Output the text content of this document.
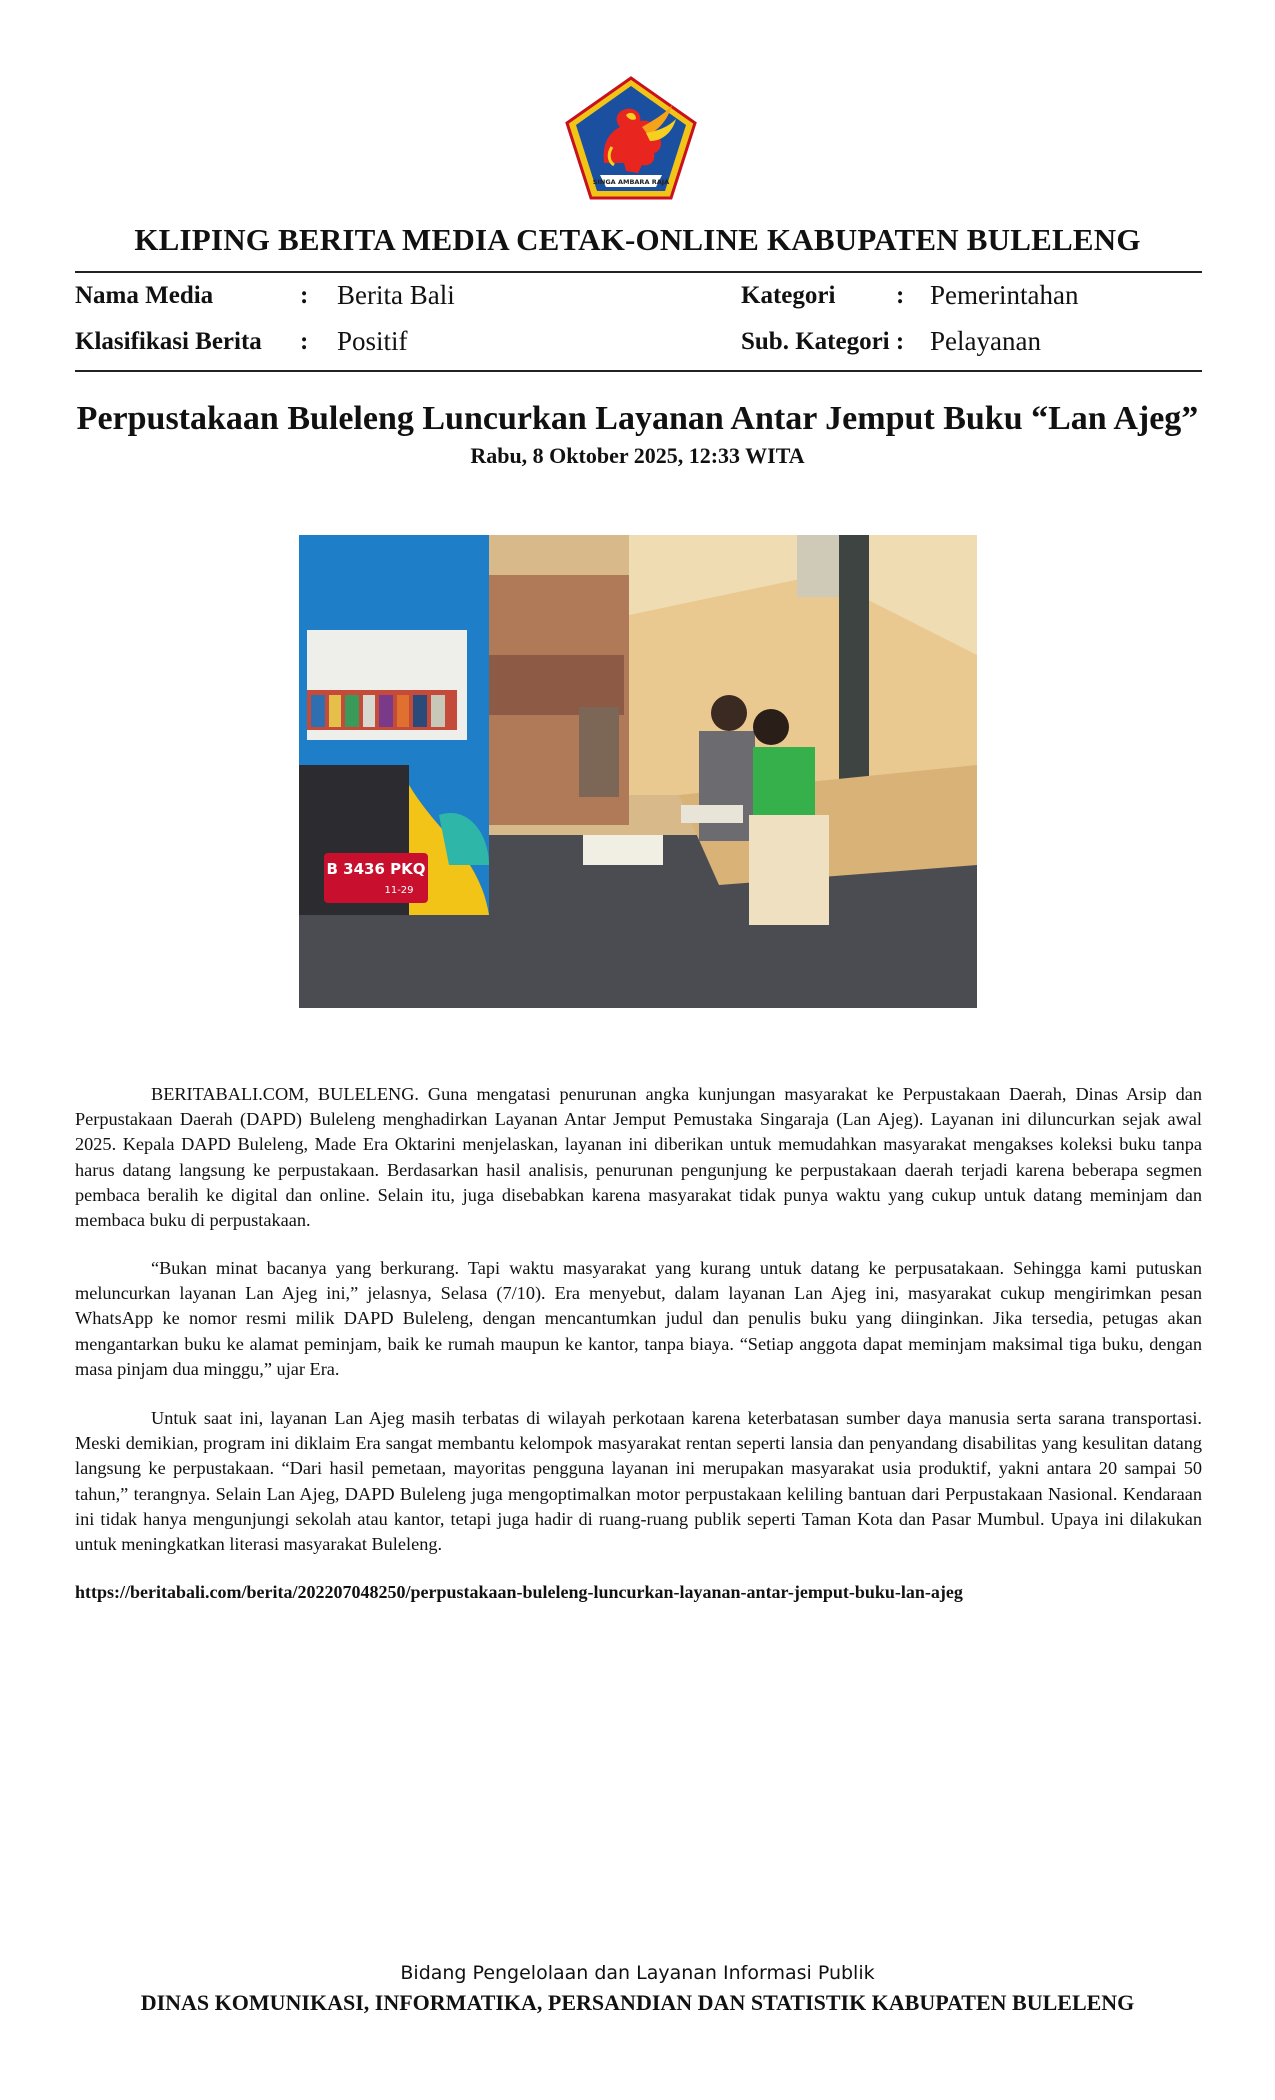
SINGA AMBARA RAJA
KLIPING BERITA MEDIA CETAK-ONLINE KABUPATEN BULELENG
Nama Media	: Berita Bali
Klasifikasi Berita : Positif
Kategori : Pemerintahan
Sub. Kategori : Pelayanan
Perpustakaan Buleleng Luncurkan Layanan Antar Jemput Buku “Lan Ajeg”
Rabu, 8 Oktober 2025, 12:33 WITA
B 3436 PKQ
11-29
BERITABALI.COM, BULELENG. Guna mengatasi penurunan angka kunjungan masyarakat ke Perpustakaan Daerah, Dinas Arsip dan Perpustakaan Daerah (DAPD) Buleleng menghadirkan Layanan Antar Jemput Pemustaka Singaraja (Lan Ajeg). Layanan ini diluncurkan sejak awal 2025. Kepala DAPD Buleleng, Made Era Oktarini menjelaskan, layanan ini diberikan untuk memudahkan masyarakat mengakses koleksi buku tanpa harus datang langsung ke perpustakaan. Berdasarkan hasil analisis, penurunan pengunjung ke perpustakaan daerah terjadi karena beberapa segmen pembaca beralih ke digital dan online. Selain itu, juga disebabkan karena masyarakat tidak punya waktu yang cukup untuk datang meminjam dan membaca buku di perpustakaan.
“Bukan minat bacanya yang berkurang. Tapi waktu masyarakat yang kurang untuk datang ke perpusatakaan. Sehingga kami putuskan meluncurkan layanan Lan Ajeg ini,” jelasnya, Selasa (7/10). Era menyebut, dalam layanan Lan Ajeg ini, masyarakat cukup mengirimkan pesan WhatsApp ke nomor resmi milik DAPD Buleleng, dengan mencantumkan judul dan penulis buku yang diinginkan. Jika tersedia, petugas akan mengantarkan buku ke alamat peminjam, baik ke rumah maupun ke kantor, tanpa biaya. “Setiap anggota dapat meminjam maksimal tiga buku, dengan masa pinjam dua minggu,” ujar Era.
Untuk saat ini, layanan Lan Ajeg masih terbatas di wilayah perkotaan karena keterbatasan sumber daya manusia serta sarana transportasi. Meski demikian, program ini diklaim Era sangat membantu kelompok masyarakat rentan seperti lansia dan penyandang disabilitas yang kesulitan datang langsung ke perpustakaan. “Dari hasil pemetaan, mayoritas pengguna layanan ini merupakan masyarakat usia produktif, yakni antara 20 sampai 50 tahun,” terangnya. Selain Lan Ajeg, DAPD Buleleng juga mengoptimalkan motor perpustakaan keliling bantuan dari Perpustakaan Nasional. Kendaraan ini tidak hanya mengunjungi sekolah atau kantor, tetapi juga hadir di ruang-ruang publik seperti Taman Kota dan Pasar Mumbul. Upaya ini dilakukan untuk meningkatkan literasi masyarakat Buleleng.
https://beritabali.com/berita/202207048250/perpustakaan-buleleng-luncurkan-layanan-antar-jemput-buku-lan-ajeg
Bidang Pengelolaan dan Layanan Informasi Publik
DINAS KOMUNIKASI, INFORMATIKA, PERSANDIAN DAN STATISTIK KABUPATEN BULELENG
